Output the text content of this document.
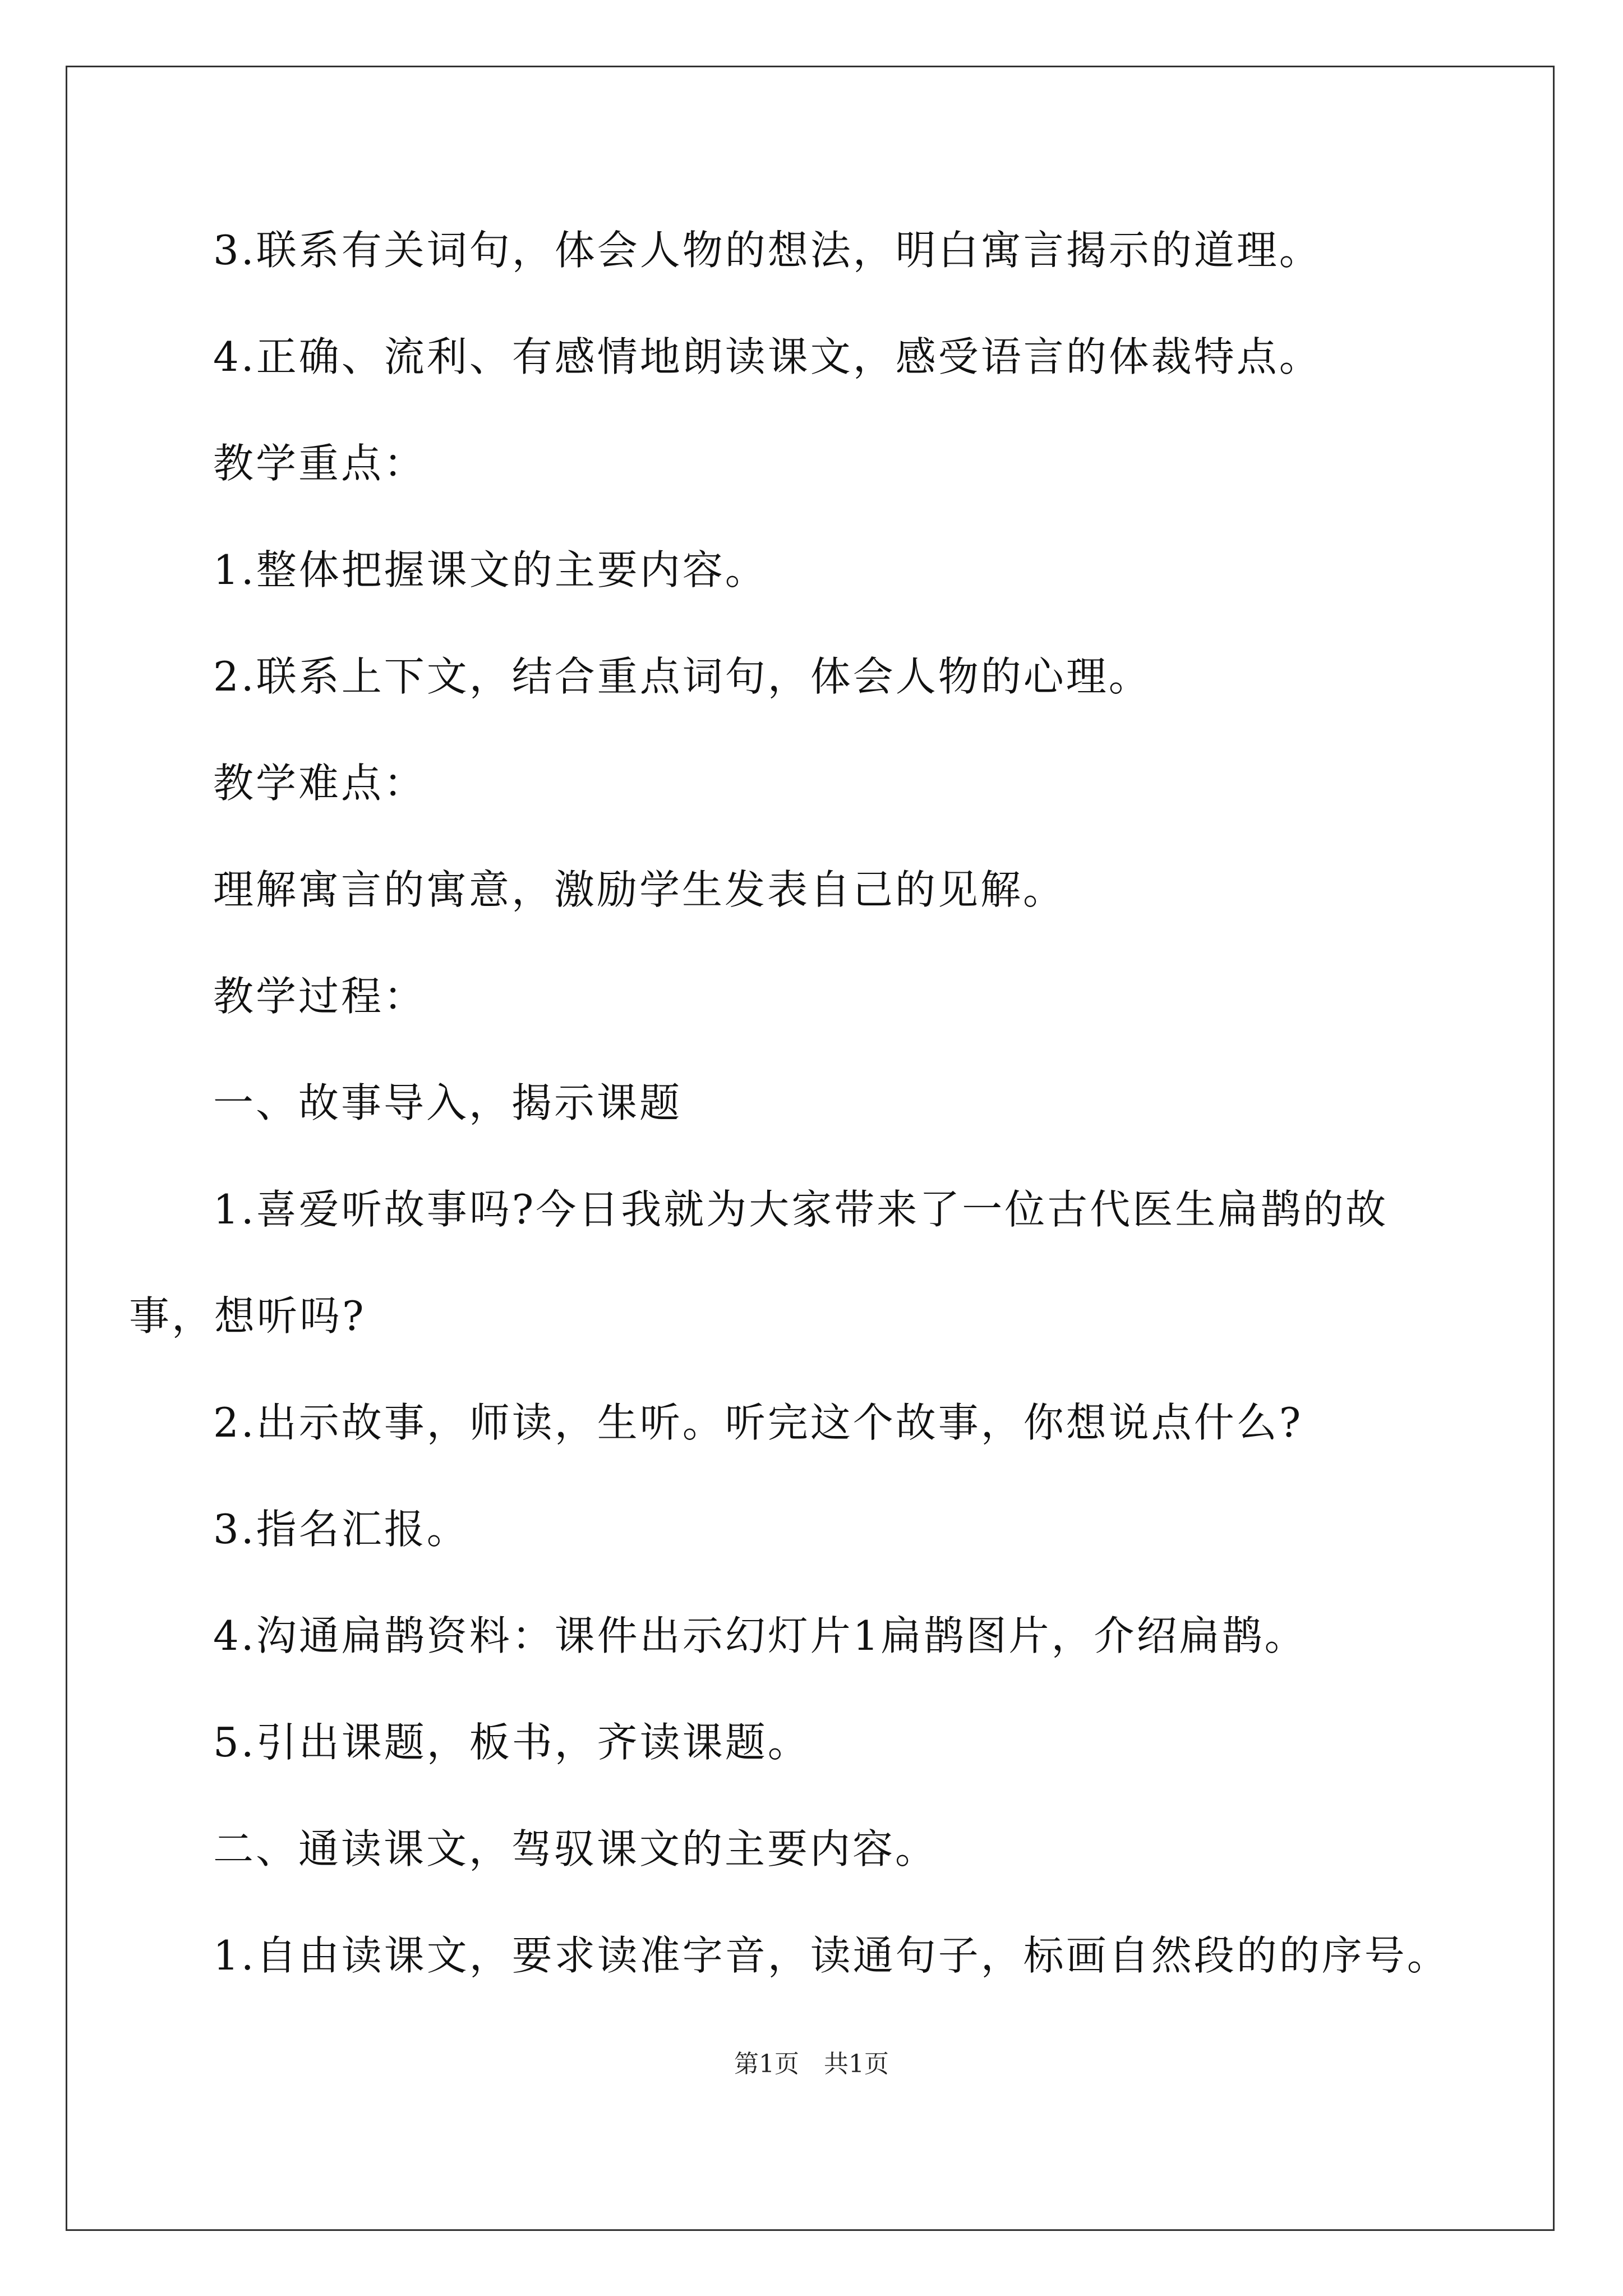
3.联系有关词句，体会人物的想法，明白寓言揭示的道理。
4.正确、流利、有感情地朗读课文，感受语言的体裁特点。
教学重点：
1.整体把握课文的主要内容。
2.联系上下文，结合重点词句，体会人物的心理。
教学难点：
理解寓言的寓意，激励学生发表自己的见解。
教学过程：
一、故事导入，揭示课题
1.喜爱听故事吗?今日我就为大家带来了一位古代医生扁鹊的故
事，想听吗?
2.出示故事，师读，生听。听完这个故事，你想说点什么?
3.指名汇报。
4.沟通扁鹊资料：课件出示幻灯片1扁鹊图片，介绍扁鹊。
5.引出课题，板书，齐读课题。
二、通读课文，驾驭课文的主要内容。
1.自由读课文，要求读准字音，读通句子，标画自然段的的序号。
第1页　共1页
